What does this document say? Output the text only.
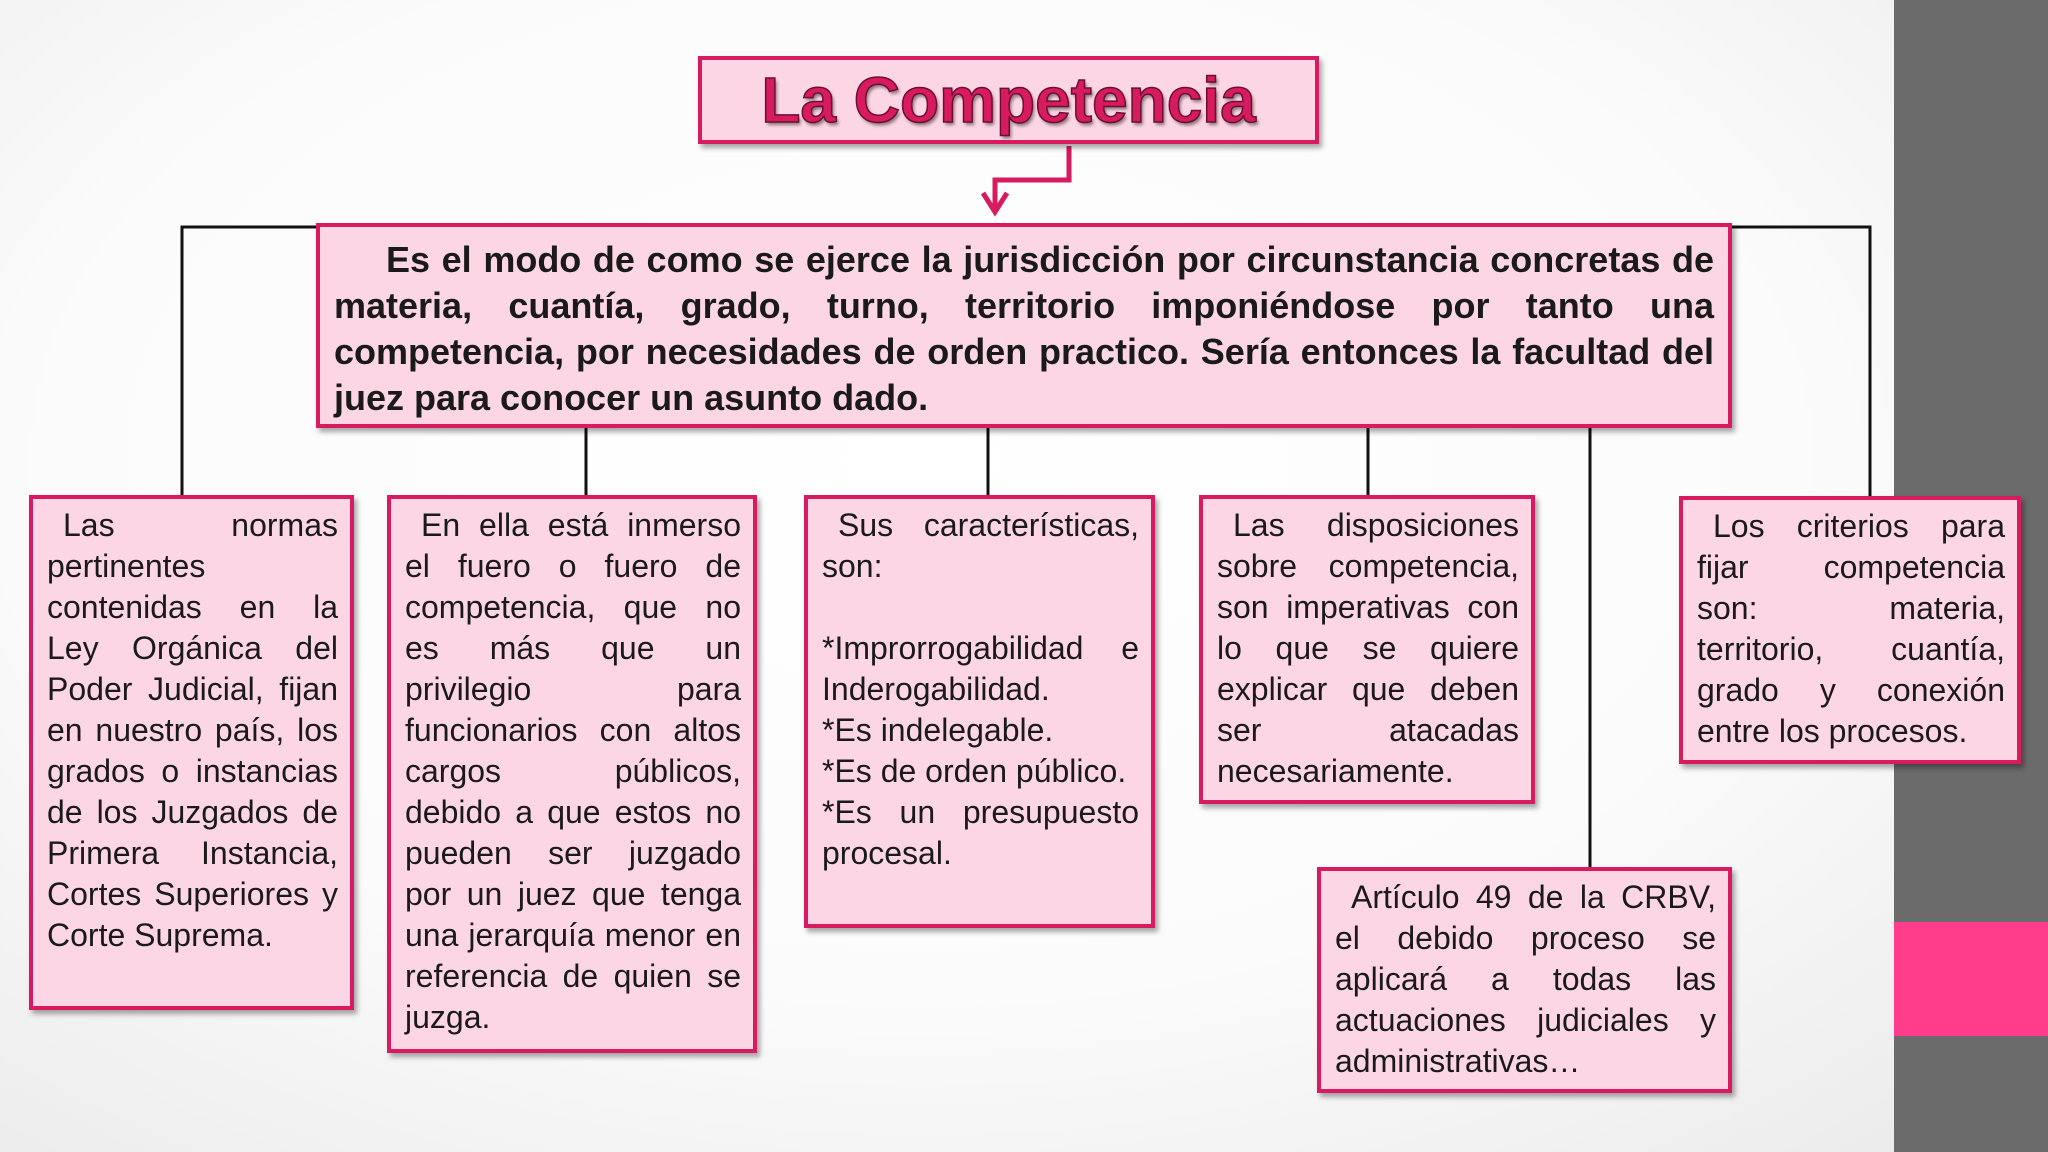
La Competencia
Es el modo de como se ejerce la jurisdicción por circunstancia concretas de materia, cuantía, grado, turno, territorio imponiéndose por tanto una competencia, por necesidades de orden practico. Sería entonces la facultad del juez para conocer un asunto dado.
Las normas pertinentes contenidas en la Ley Orgánica del Poder Judicial, fijan en nuestro país, los grados o instancias de los Juzgados de Primera Instancia, Cortes Superiores y Corte Suprema.
En ella está inmerso el fuero o fuero de competencia, que no es más que un privilegio para funcionarios con altos cargos públicos, debido a que estos no pueden ser juzgado por un juez que tenga una jerarquía menor en referencia de quien se juzga.
Sus características, son:

*Improrrogabilidad e Inderogabilidad.
*Es indelegable.
*Es de orden público.
*Es un presupuesto procesal.
Las disposiciones sobre competencia, son imperativas con lo que se quiere explicar que deben ser atacadas necesariamente.
Los criterios para fijar competencia son: materia, territorio, cuantía, grado y conexión entre los procesos.
Artículo 49 de la CRBV, el debido proceso se aplicará a todas las actuaciones judiciales y administrativas…
